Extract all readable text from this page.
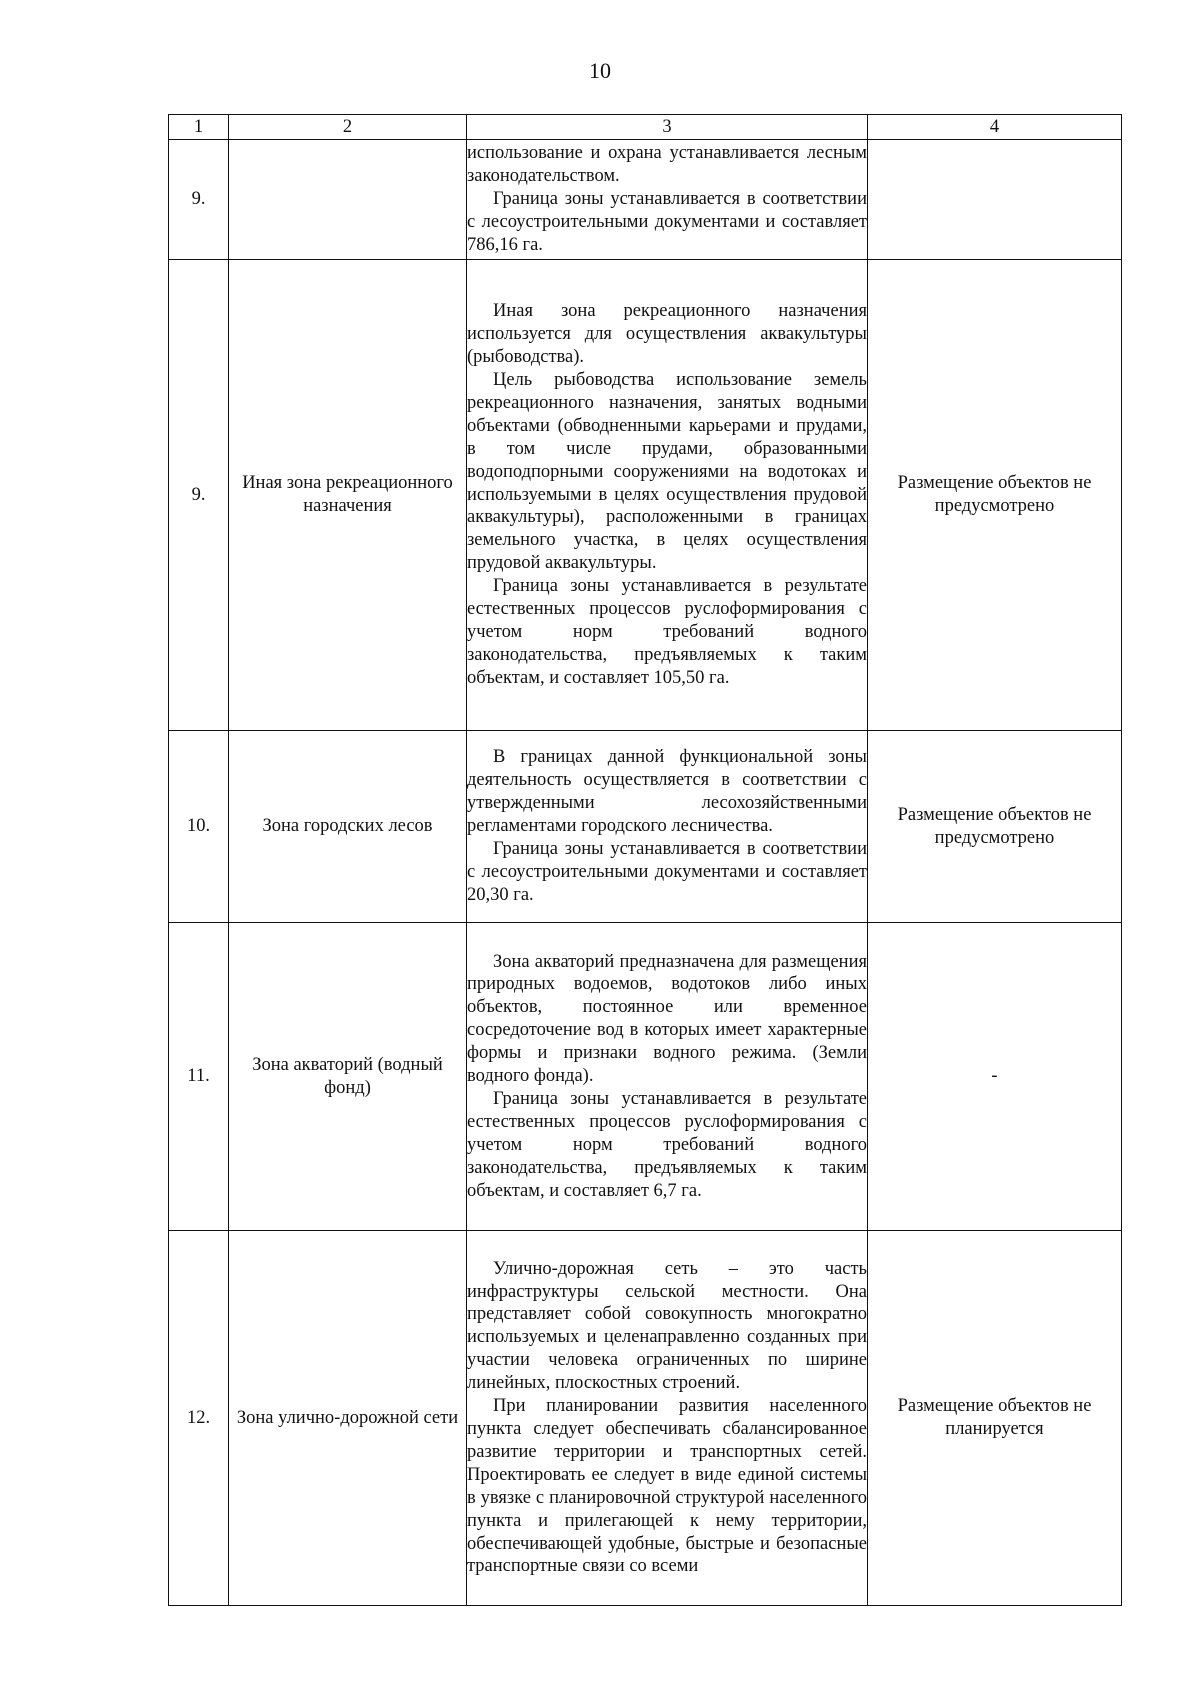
10
1	2	3	4
9.		использование и охрана устанавливается лесным законодательством.

Граница зоны устанавливается в соответствии с лесоустроительными документами и составляет 786,16 га.	

9.	Иная зона рекреационного назначения	Иная зона рекреационного назначения используется для осуществления аквакультуры (рыбоводства).

Цель рыбоводства использование земель рекреационного назначения, занятых водными объектами (обводненными карьерами и прудами, в том числе прудами, образованными водоподпорными сооружениями на водотоках и используемыми в целях осуществления прудовой аквакультуры), расположенными в границах земельного участка, в целях осуществления прудовой аквакультуры.

Граница зоны устанавливается в результате естественных процессов руслоформирования с учетом норм требований водного законодательства, предъявляемых к таким объектам, и составляет 105,50 га.	Размещение объектов не предусмотрено
10.	Зона городских лесов	В границах данной функциональной зоны деятельность осуществляется в соответствии с утвержденными лесохозяйственными регламентами городского лесничества.

Граница зоны устанавливается в соответствии с лесоустроительными документами и составляет 20,30 га.	Размещение объектов не предусмотрено
11.	Зона акваторий (водный фонд)	Зона акваторий предназначена для размещения природных водоемов, водотоков либо иных объектов, постоянное или временное сосредоточение вод в которых имеет характерные формы и признаки водного режима. (Земли водного фонда).

Граница зоны устанавливается в результате естественных процессов руслоформирования с учетом норм требований водного законодательства, предъявляемых к таким объектам, и составляет 6,7 га.	-
12.	Зона улично-дорожной сети	Улично-дорожная сеть – это часть инфраструктуры сельской местности. Она представляет собой совокупность многократно используемых и целенаправленно созданных при участии человека ограниченных по ширине линейных, плоскостных строений.

При планировании развития населенного пункта следует обеспечивать сбалансированное развитие территории и транспортных сетей. Проектировать ее следует в виде единой системы в увязке с планировочной структурой населенного пункта и прилегающей к нему территории, обеспечивающей удобные, быстрые и безопасные транспортные связи со всеми	Размещение объектов не планируется
